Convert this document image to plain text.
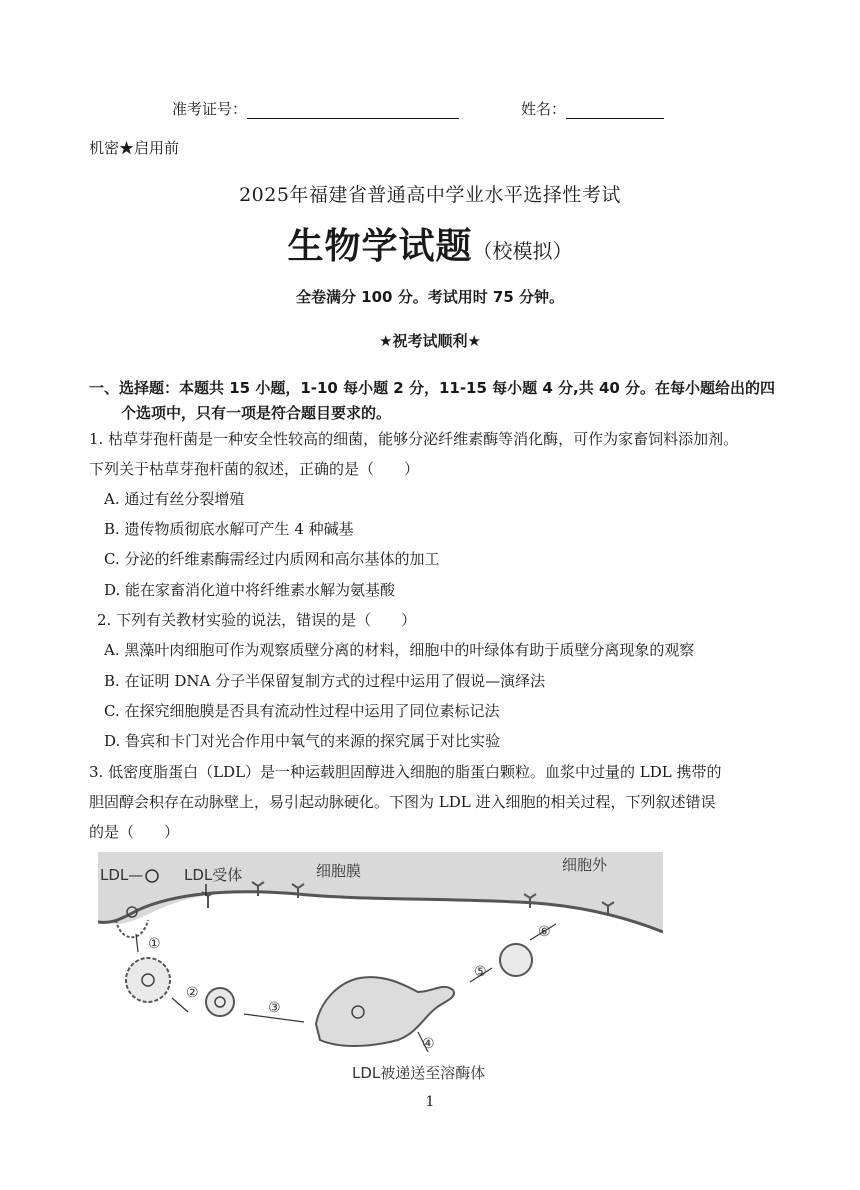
准考证号：	姓名：
机密★启用前
2025年福建省普通高中学业水平选择性考试
生物学试题（校模拟）
全卷满分 100 分。考试用时 75 分钟。
★祝考试顺利★
一、选择题：本题共 15 小题，1-10 每小题 2 分，11-15 每小题 4 分,共 40 分。在每小题给出的四
个选项中，只有一项是符合题目要求的。
1. 枯草芽孢杆菌是一种安全性较高的细菌，能够分泌纤维素酶等消化酶，可作为家畜饲料添加剂。
下列关于枯草芽孢杆菌的叙述，正确的是（　　）
A. 通过有丝分裂增殖
B. 遗传物质彻底水解可产生 4 种碱基
C. 分泌的纤维素酶需经过内质网和高尔基体的加工
D. 能在家畜消化道中将纤维素水解为氨基酸
2. 下列有关教材实验的说法，错误的是（　　）
A. 黑藻叶肉细胞可作为观察质壁分离的材料，细胞中的叶绿体有助于质壁分离现象的观察
B. 在证明 DNA 分子半保留复制方式的过程中运用了假说—演绎法
C. 在探究细胞膜是否具有流动性过程中运用了同位素标记法
D. 鲁宾和卡门对光合作用中氧气的来源的探究属于对比实验
3. 低密度脂蛋白（LDL）是一种运载胆固醇进入细胞的脂蛋白颗粒。血浆中过量的 LDL 携带的
胆固醇会积存在动脉壁上，易引起动脉硬化。下图为 LDL 进入细胞的相关过程，下列叙述错误
的是（　　）
LDL—	LDL受体	细胞膜	细胞外
①
②
③
④
⑤
⑥
LDL被递送至溶酶体
1
